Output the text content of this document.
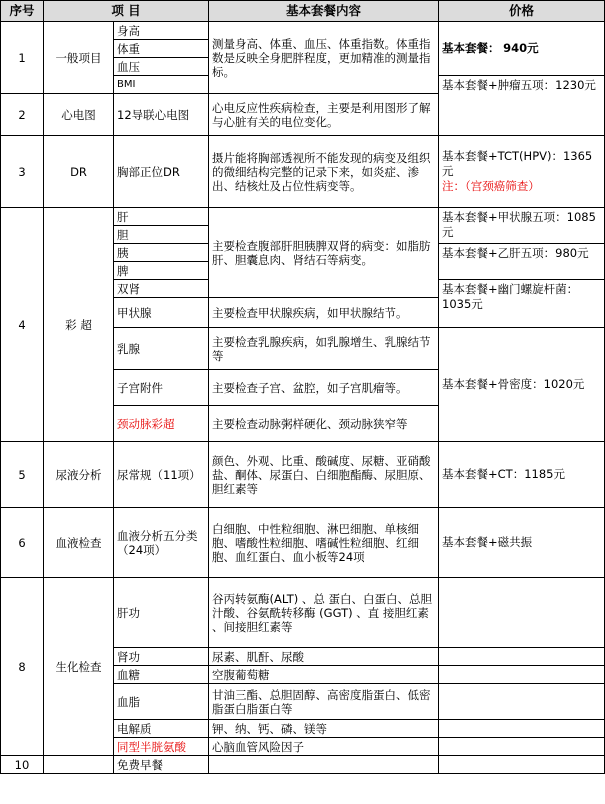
序号	项 目		基本套餐内容	价格
1	一般项目	身高	测量身高、体重、血压、体重指数。体重指数是反映全身肥胖程度，更加精准的测量指标。	基本套餐： 940元
		体重		
		血压		
		BMI		基本套餐+肿瘤五项：1230元
2	心电图	12导联心电图	心电反应性疾病检查，主要是利用图形了解与心脏有关的电位变化。	
3	DR	胸部正位DR	摄片能将胸部透视所不能发现的病变及组织的微细结构完整的记录下来，如炎症、渗出、结核灶及占位性病变等。	基本套餐+TCT(HPV)：1365元
注：（宫颈癌筛查）

4	彩 超	肝	主要检查腹部肝胆胰脾双肾的病变：如脂肪肝、胆囊息肉、肾结石等病变。	基本套餐+甲状腺五项：1085元
		胆		
		胰		基本套餐+乙肝五项：980元
		脾		
		双肾		基本套餐+幽门螺旋杆菌：1035元
		甲状腺	主要检查甲状腺疾病，如甲状腺结节。	
		乳腺	主要检查乳腺疾病，如乳腺增生、乳腺结节等	基本套餐+骨密度：1020元
		子宫附件	主要检查子宫、盆腔，如子宫肌瘤等。	
		颈动脉彩超	主要检查动脉粥样硬化、颈动脉狭窄等	
5	尿液分析	尿常规（11项）	颜色、外观、比重、酸碱度、尿糖、亚硝酸盐、酮体、尿蛋白、白细胞酯酶、尿胆原、胆红素等	基本套餐+CT：1185元
6	血液检查	血液分析五分类（24项）	白细胞、中性粒细胞、淋巴细胞、单核细胞、嗜酸性粒细胞、嗜碱性粒细胞、红细胞、血红蛋白、血小板等24项	基本套餐+磁共振
8	生化检查	肝功	谷丙转氨酶(ALT) 、总 蛋白、白蛋白、总胆汁酸、谷氨酰转移酶 (GGT) 、直 接胆红素 、间接胆红素等	
		肾功	尿素、肌酐、尿酸	
		血糖	空腹葡萄糖	
		血脂	甘油三酯、总胆固醇、高密度脂蛋白、低密脂蛋白脂蛋白等	
		电解质	钾、纳、钙、磷、镁等	
		同型半胱氨酸	心脑血管风险因子	
10		免费早餐		
